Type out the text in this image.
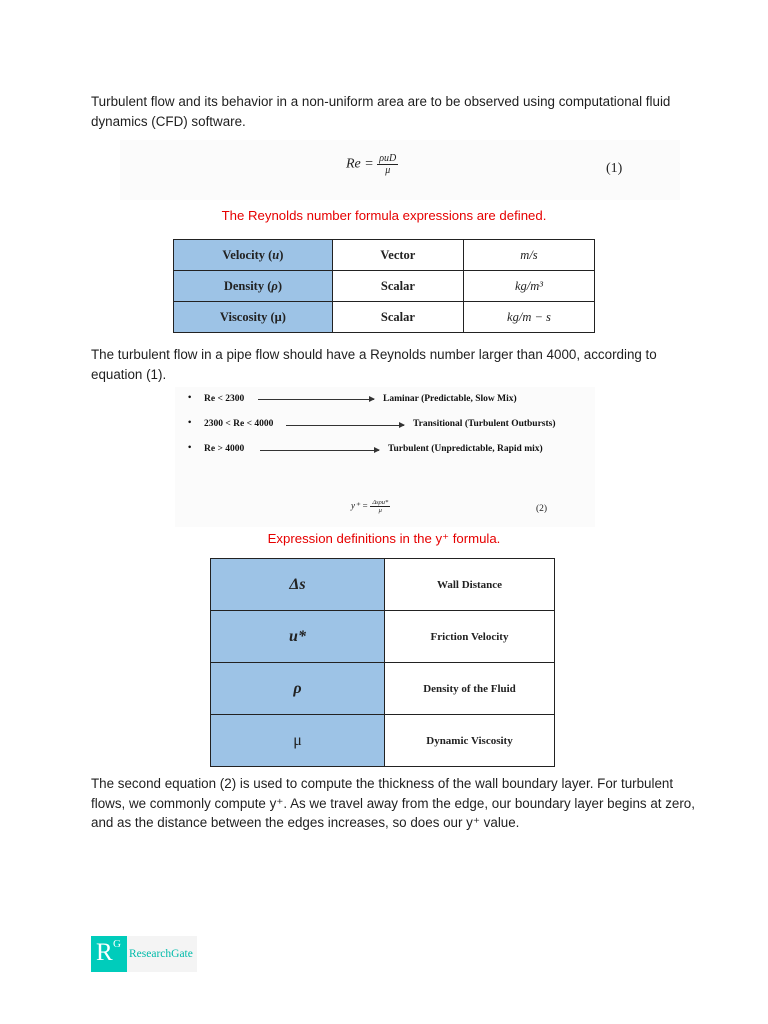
Turbulent flow and its behavior in a non-uniform area are to be observed using computational fluid dynamics (CFD) software.
$Re = \frac{\text{ρuD}}{\mu}$	(1)
The Reynolds number formula expressions are defined.
Velocity (u)	Vector	m/s
Density (ρ)	Scalar	kg/m³
Viscosity (μ)	Scalar	kg/m − s
The turbulent flow in a pipe flow should have a Reynolds number larger than 4000, according to equation (1).
• Re < 2300	Laminar (Predictable, Slow Mix)
• 2300 < Re < 4000	Transitional (Turbulent Outbursts)
• Re > 4000	Turbulent (Unpredictable, Rapid mix)
$y^+ = \frac{\text{Δsρu*}}{\mu}$	(2)
Expression definitions in the y⁺ formula.
Δs	Wall Distance
u*	Friction Velocity
ρ	Density of the Fluid
μ	Dynamic Viscosity
The second equation (2) is used to compute the thickness of the wall boundary layer. For turbulent flows, we commonly compute y⁺. As we travel away from the edge, our boundary layer begins at zero, and as the distance between the edges increases, so does our y⁺ value.
R G
ResearchGate
